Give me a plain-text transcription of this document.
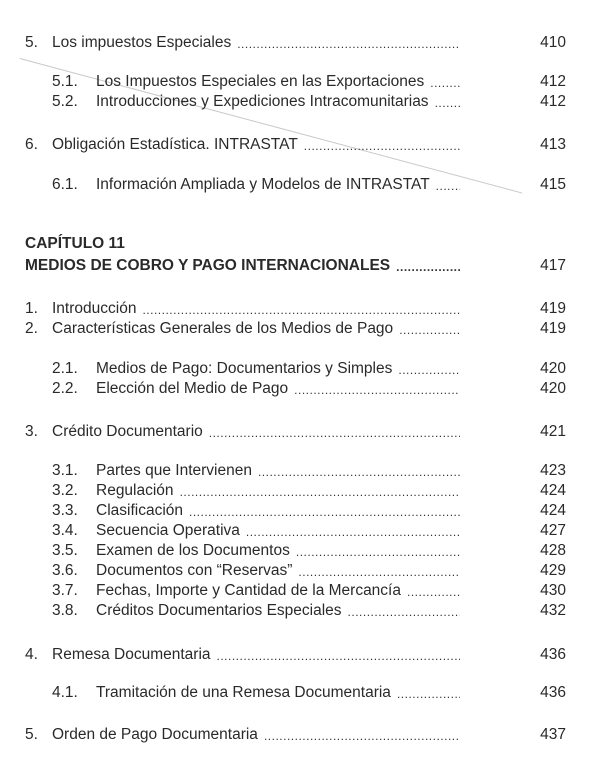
5. Los impuestos Especiales .....	410
5.1.	Los Impuestos Especiales en las Exportaciones .....	412
5.2.	Introducciones y Expediciones Intracomunitarias .....	412
6. Obligación Estadística. INTRASTAT .....	413
6.1.	Información Ampliada y Modelos de INTRASTAT .....	415
CAPÍTULO 11
MEDIOS DE COBRO Y PAGO INTERNACIONALES .....	417
1. Introducción .....	419
2. Características Generales de los Medios de Pago .....	419
2.1.	Medios de Pago: Documentarios y Simples .....	420
2.2.	Elección del Medio de Pago .....	420
3. Crédito Documentario .....	421
3.1.	Partes que Intervienen .....	423
3.2.	Regulación .....	424
3.3.	Clasificación .....	424
3.4.	Secuencia Operativa .....	427
3.5.	Examen de los Documentos .....	428
3.6.	Documentos con “Reservas” .....	429
3.7.	Fechas, Importe y Cantidad de la Mercancía .....	430
3.8.	Créditos Documentarios Especiales .....	432
4. Remesa Documentaria .....	436
4.1.	Tramitación de una Remesa Documentaria .....	436
5. Orden de Pago Documentaria .....	437
